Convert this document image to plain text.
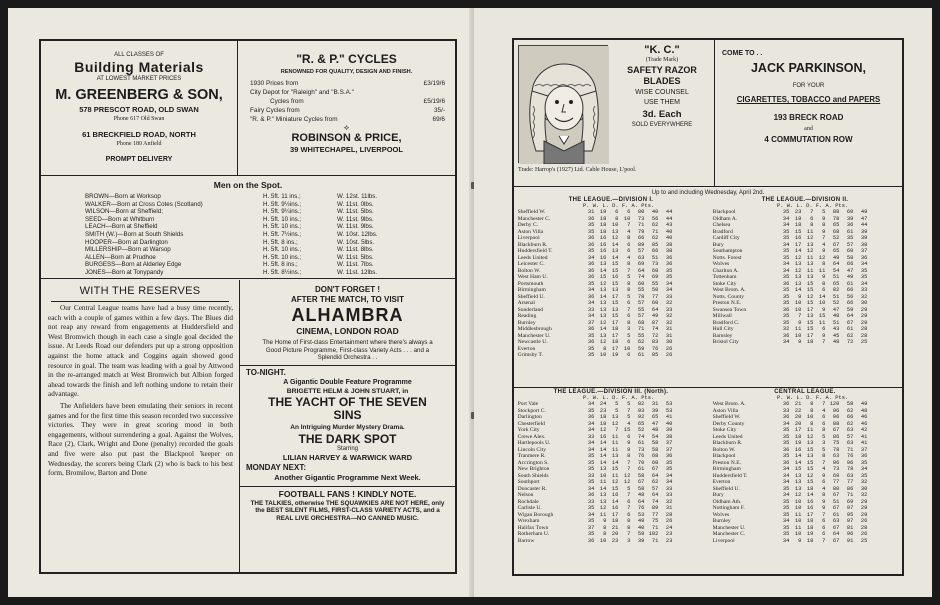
ALL CLASSES OF
Building Materials
AT LOWEST MARKET PRICES
M. GREENBERG & SON,
578 PRESCOT ROAD, OLD SWAN
Phone 617 Old Swan
61 BRECKFIELD ROAD, NORTH
Phone 180 Anfield
PROMPT DELIVERY
"R. & P." CYCLES
RENOWNED FOR QUALITY, DESIGN AND FINISH.
1930 Prices from	£3/19/6
City Depot for "Raleigh" and "B.S.A."
Cycles from	£5/19/6
Fairy Cycles from	35/-
"R. & P." Miniature Cycles from	69/6
⟡
ROBINSON & PRICE,
39 WHITECHAPEL, LIVERPOOL
Men on the Spot.
BROWN—Born at Worksop	H. 5ft. 11 ins.;	W. 12st. 11lbs.
WALKER—Born at Cross Cotes (Scotland)	H. 5ft. 9½ins.;	W. 11st. 0lbs.
WILSON—Born at Sheffield;	H. 5ft. 9¼ins.;	W. 11st. 5lbs.
SEED—Born at Whitburn	H. 5ft. 10 ins.;	W. 11st. 9lbs.
LEACH—Born at Sheffield	H. 5ft. 10 ins.;	W. 11st. 9lbs.
SMITH (W.)—Born at South Shields	H. 5ft. 7½ins.;	W. 10st. 12lbs.
HOOPER—Born at Darlington	H. 5ft. 8 ins.;	W. 10st. 5lbs.
MILLERSHIP—Born at Warsop	H. 5ft. 10 ins.;	W. 11st. 8lbs.
ALLEN—Born at Prudhoe	H. 5ft. 10 ins.;	W. 11st. 5lbs.
BURGESS—Born at Alderley Edge	H. 5ft. 8 ins.;	W. 11st. 7lbs.
JONES—Born at Tonypandy	H. 5ft. 8½ins.;	W. 11st. 12lbs.
WITH THE RESERVES

Our Central League teams have had a busy time recently, each with a couple of games within a few days. The Blues did not reap any reward from engagements at Huddersfield and West Bromwich though in each case a single goal decided the issue. At Leeds Road our defenders put up a strong opposition against the home attack and Coggins again showed good resource in goal. The team was leading with a goal by Attwood in the re-arranged match at West Bromwich but Albion forged ahead towards the finish and left nothing undone to retain their advantage.

The Anfielders have been emulating their seniors in recent games and for the first time this season recorded two successive victories. They were in great scoring mood in both engagements, without surrendering a goal. Against the Wolves, Race (2), Clark, Wright and Done (penalty) recorded the goals and five were also put past the Blackpool 'keeper on Wednesday, the scorers being Clark (2) who is back to his best form, Bromilow, Barton and Done

DON'T FORGET !
AFTER THE MATCH, TO VISIT
ALHAMBRA
CINEMA, LONDON ROAD
The Home of First-class Entertainment where there's always a Good Picture Programme, First-class Variety Acts . . . and a Splendid Orchestra . .
TO-NIGHT.
A Gigantic Double Feature Programme
BRIGETTE HELM & JOHN STUART, in
THE YACHT OF THE SEVEN SINS
An Intriguing Murder Mystery Drama.
THE DARK SPOT
Starring
LILIAN HARVEY & WARWICK WARD
MONDAY NEXT:
Another Gigantic Programme Next Week.
FOOTBALL FANS ! KINDLY NOTE.
THE TALKIES, otherwise THE SQUAWKIES ARE NOT HERE, only the BEST SILENT FILMS, FIRST-CLASS VARIETY ACTS, and a REAL LIVE ORCHESTRA—NO CANNED MUSIC.
"K. C."
(Trade Mark)
SAFETY RAZOR
BLADES
WISE COUNSEL
USE THEM
3d. Each
SOLD EVERYWHERE
Trade: Harrop's (1927) Ltd. Cable House, L'pool.
COME TO . .
JACK PARKINSON,
FOR YOUR
CIGARETTES, TOBACCO and PAPERS
193 BRECK ROAD
and
4 COMMUTATION ROW
Up to and including Wednesday, April 2nd.
THE LEAGUE.—DIVISION I.
P. W. L. D. F. A. Pts.
Sheffield W.	31	19	6	6	80	40	44
Manchester C.	36	18	8	10	73	56	44
Derby C.	35	18	10	7	71	62	43
Aston Villa	35	18	13	4	79	71	40
Liverpool	36	16	12	8	66	62	40
Blackburn R.	36	16	14	6	89	85	38
Huddersfield T.	35	16	13	6	57	66	38
Leeds United	34	16	14	4	63	51	36
Leicester C.	36	13	15	8	69	73	36
Bolton W.	36	14	15	7	64	60	35
West Ham U.	36	15	16	5	74	69	35
Portsmouth	35	12	15	8	60	55	34
Birmingham	34	13	13	8	55	50	34
Sheffield U.	36	14	17	5	78	77	33
Arsenal	34	13	15	6	57	60	32
Sunderland	33	13	13	7	55	64	33
Reading	34	13	15	6	57	49	32
Burnley	37	12	17	8	68	87	32
Middlesbrough	36	14	18	3	71	74	31
Manchester U.	35	13	17	5	55	72	31
Newcastle U.	36	12	18	6	62	83	30
Everton	35	8	17	10	59	76	26
Grimsby T.	35	10	19	6	61	85	26
THE LEAGUE.—DIVISION II.
P. W. L. D. F. A. Pts.
Blackpool	35	23	7	5	88	60	49
Oldham A.	34	19	6	9	78	39	47
Chelsea	34	18	8	8	65	36	44
Bradford	35	15	11	9	68	61	39
Cardiff City	35	16	12	7	52	35	39
Bury	34	17	13	4	67	57	38
Southampton	35	14	12	9	65	60	37
Notts. Forest	35	12	11	12	49	58	36
Wolves	34	13	13	8	64	66	34
Charlton A.	34	12	11	11	54	47	35
Tottenham	35	13	13	9	51	49	35
Stoke City	36	13	15	8	65	61	34
West Brom. A.	35	14	15	6	82	66	33
Notts. County	35	9	12	14	51	56	32
Preston N.E.	35	10	15	10	52	66	30
Swansea Town	36	10	17	9	47	59	29
Millwall	35	7	13	15	48	64	29
Bradford C.	35	9	15	11	51	67	29
Hull City	32	11	15	6	43	61	28
Barnsley	36	10	17	9	45	62	28
Bristol City	34	9	18	7	48	72	25
THE LEAGUE.—DIVISION III. (North).
P. W. L. D. F. A. Pts.
Port Vale	34	24	5	5	82	31	53
Stockport C.	35	23	5	7	93	39	53
Darlington	36	18	13	5	92	65	41
Chesterfield	34	18	12	4	65	47	40
York City	34	12	7	15	52	48	39
Crewe Alex.	33	16	11	6	74	54	38
Hartlepools U.	34	14	11	9	61	58	37
Lincoln City	34	14	11	9	73	58	37
Tranmere R.	35	14	13	8	76	68	36
Accrington S.	35	14	14	7	70	60	35
New Brighton	35	13	15	7	61	67	35
South Shields	33	10	11	12	58	64	34
Southport	35	11	12	12	67	62	34
Doncaster R.	34	14	15	5	58	57	33
Nelson	36	13	16	7	48	64	33
Rochdale	33	13	14	6	64	74	32
Carlisle U.	35	12	16	7	76	89	31
Wigan Borough	34	11	17	6	53	77	28
Wrexham	35	9	18	8	49	75	26
Halifax Town	37	8	21	8	40	71	24
Rotherham U.	35	8	20	7	59	102	23
Barrow	36	10	23	3	39	71	23
CENTRAL LEAGUE.
P. W. L. D. F. A. Pts.
West Brom. A.	36	21	8	7	120	58	49
Aston Villa	33	22	8	4	96	62	48
Sheffield W.	36	20	10	6	96	66	46
Derby County	34	20	8	6	88	62	46
Stoke City	35	17	11	8	67	63	42
Leeds United	35	18	12	5	86	57	41
Blackburn R.	35	19	13	3	75	63	41
Bolton W.	36	16	15	5	78	71	37
Blackpool	35	14	13	8	63	76	36
Preston N.E.	36	14	15	7	96	96	35
Birmingham	34	15	15	4	73	78	34
Huddersfield T.	34	13	12	9	69	63	35
Everton	34	13	15	6	77	77	32
Sheffield U.	35	13	18	4	80	86	30
Bury	34	12	14	8	67	71	32
Oldham Ath.	35	10	16	9	51	69	29
Nottingham F.	35	10	16	9	67	97	29
Wolves	35	11	17	7	61	95	29
Burnley	34	10	18	6	63	97	26
Manchester U.	35	11	18	6	67	81	28
Manchester C.	35	10	19	6	64	96	26
Liverpool	34	9	18	7	67	91	25
